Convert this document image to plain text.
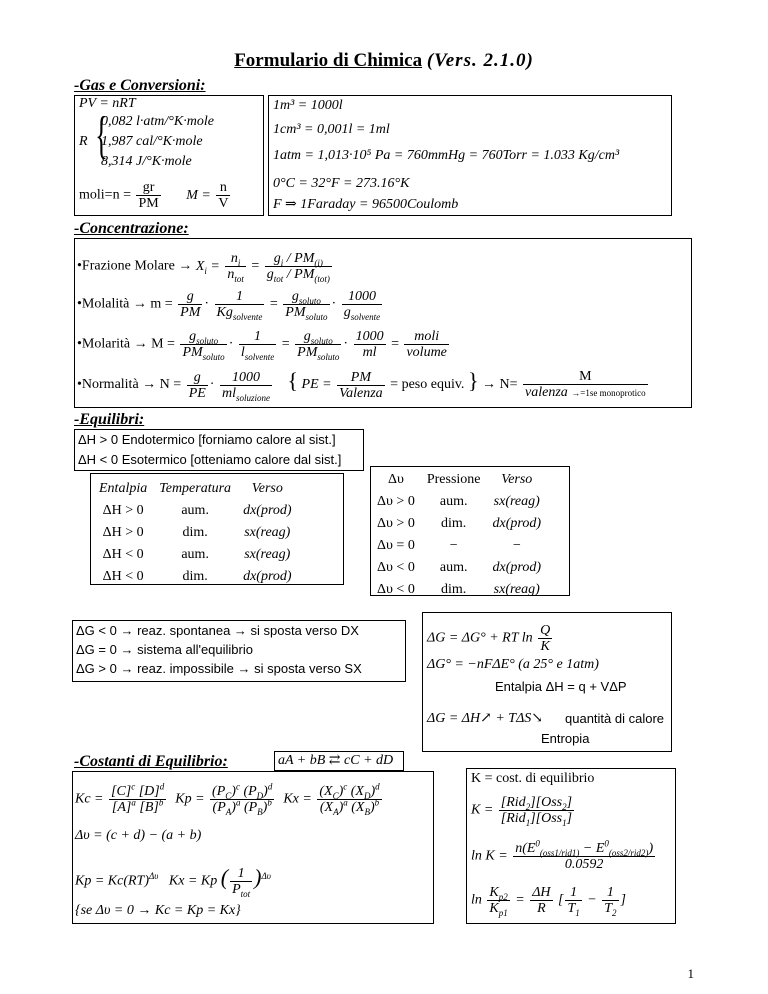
Formulario di Chimica (Vers. 2.1.0)
-Gas e Conversioni:
PV = nRT
R {
0,082 l·atm/°K·mole
1,987 cal/°K·mole
8,314 J/°K·mole
moli=n = $\frac{gr}{PM}$ $M = \frac{n}{V}$
1m³ = 1000l
1cm³ = 0,001l = 1ml
1atm = 1,013·10⁵ Pa = 760mmHg = 760Torr = 1.033 Kg/cm³
0°C = 32°F = 273.16°K
F ⇒ 1Faraday = 96500Coulomb
-Concentrazione:
•Frazione Molare → $X_i = \frac{n_i}{n_{tot}} = \frac{g_i / PM_{(i)}}{g_{tot} / PM_{(tot)}}$
•Molalità → $m = \frac{g}{PM} \cdot \frac{1}{Kg_{solvente}} = \frac{g_{soluto}}{PM_{soluto}} \cdot \frac{1000}{g_{solvente}}$
•Molarità → $M = \frac{g_{soluto}}{PM_{soluto}} \cdot \frac{1}{l_{solvente}} = \frac{g_{soluto}}{PM_{soluto}} \cdot \frac{1000}{ml} = \frac{\text{moli}}{\text{volume}}$
•Normalità → $N = \frac{g}{PE} \cdot \frac{1000}{ml_{soluzione}}$ { PE = $\frac{PM}{\text{Valenza}}$ = peso equiv. } → $N= \frac{M}{\text{valenza →=1se monoprotico}}$
-Equilibri:
ΔH > 0 Endotermico [forniamo calore al sist.]
ΔH < 0 Esotermico [otteniamo calore dal sist.]
Entalpia	Temperatura	Verso
ΔH > 0	aum.	dx(prod)
ΔH > 0	dim.	sx(reag)
ΔH < 0	aum.	sx(reag)
ΔH < 0	dim.	dx(prod)
Δυ	Pressione	Verso
Δυ > 0	aum.	sx(reag)
Δυ > 0	dim.	dx(prod)
Δυ = 0	−	−
Δυ < 0	aum.	dx(prod)
Δυ < 0	dim.	sx(reag)
ΔG < 0 → reaz. spontanea → si sposta verso DX
ΔG = 0 → sistema all'equilibrio
ΔG > 0 → reaz. impossibile → si sposta verso SX
ΔG = ΔG° + RT $\ln \frac{Q}{K}$
ΔG° = −nFΔE° (a 25° e 1atm)
Entalpia ΔH = q + VΔP
ΔG = ΔH↗ + TΔS↘ quantità di calore
Entropia
-Costanti di Equilibrio:	aA + bB ⇄ cC + dD
$Kc = \frac{[C]^c [D]^d}{[A]^a [B]^b}$ $Kp = \frac{(P_C)^c (P_D)^d}{(P_A)^a (P_B)^b}$ $Kx = \frac{(X_C)^c (X_D)^d}{(X_A)^a (X_B)^b}$
Δυ = (c + d) − (a + b)
Kp = Kc(RT)$^{\Delta\upsilon}$ Kx = Kp ( $\frac{1}{P_{tot}} )^{\Delta\upsilon}$
{se Δυ = 0 → Kc = Kp = Kx}
K = cost. di equilibrio
$K = \frac{[Rid_2][Oss_2]}{[Rid_1][Oss_1]}$
$\ln K = \frac{n(E^0_{(oss1/rid1)} - E^0_{(oss2/rid2)})}{0.0592}$
$\ln \frac{K_{p2}}{K_{p1}} = \frac{\Delta H}{R}$ [ $\frac{1}{T_1} - \frac{1}{T_2}$ ]
1
